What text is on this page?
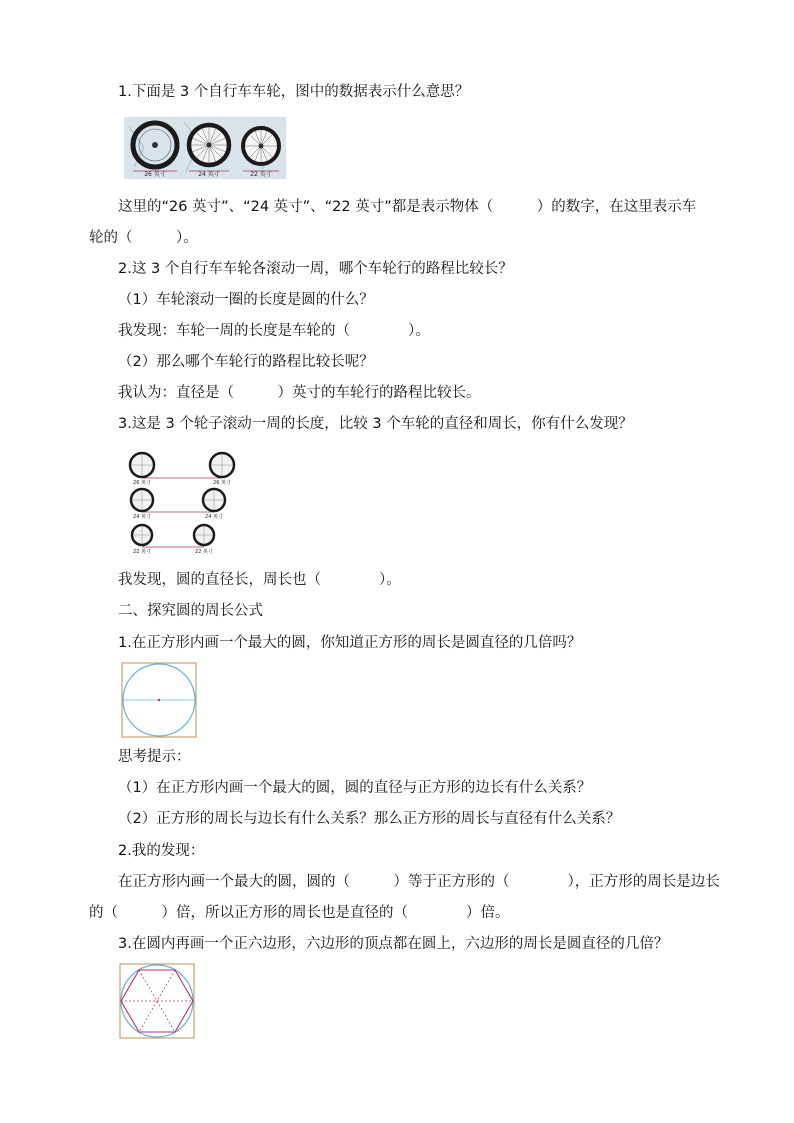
1.下面是 3 个自行车车轮，图中的数据表示什么意思？
26 英寸	24 英寸	22 英寸
这里的“26 英寸”、“24 英寸”、“22 英寸”都是表示物体（　　　）的数字，在这里表示车
轮的（　　　）。
2.这 3 个自行车车轮各滚动一周，哪个车轮行的路程比较长？
（1）车轮滚动一圈的长度是圆的什么？
我发现：车轮一周的长度是车轮的（　　　　）。
（2）那么哪个车轮行的路程比较长呢？
我认为：直径是（　　　）英寸的车轮行的路程比较长。
3.这是 3 个轮子滚动一周的长度，比较 3 个车轮的直径和周长，你有什么发现？
26 英寸	26 英寸
24 英寸	24 英寸
22 英寸	22 英寸
我发现，圆的直径长，周长也（　　　　）。
二、探究圆的周长公式
1.在正方形内画一个最大的圆，你知道正方形的周长是圆直径的几倍吗？
思考提示：
（1）在正方形内画一个最大的圆，圆的直径与正方形的边长有什么关系？
（2）正方形的周长与边长有什么关系？那么正方形的周长与直径有什么关系？
2.我的发现：
在正方形内画一个最大的圆，圆的（　　　）等于正方形的（　　　　），正方形的周长是边长
的（　　　）倍，所以正方形的周长也是直径的（　　　　）倍。
3.在圆内再画一个正六边形，六边形的顶点都在圆上，六边形的周长是圆直径的几倍？
